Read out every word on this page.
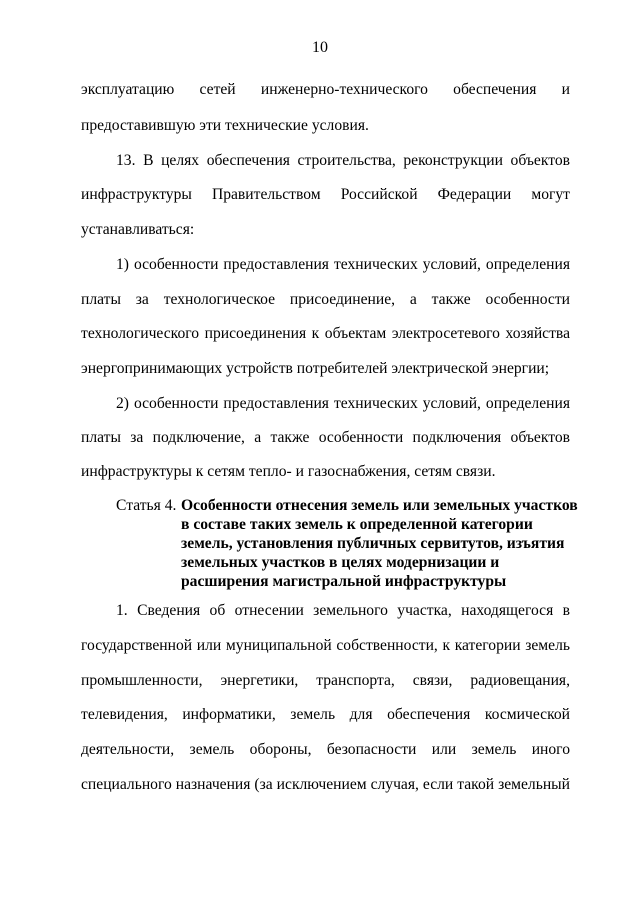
10
эксплуатацию сетей инженерно-технического обеспечения и
предоставившую эти технические условия.
13. В целях обеспечения строительства, реконструкции объектов
инфраструктуры Правительством Российской Федерации могут
устанавливаться:
1) особенности предоставления технических условий, определения
платы за технологическое присоединение, а также особенности
технологического присоединения к объектам электросетевого хозяйства
энергопринимающих устройств потребителей электрической энергии;
2) особенности предоставления технических условий, определения
платы за подключение, а также особенности подключения объектов
инфраструктуры к сетям тепло- и газоснабжения, сетям связи.
Статья 4. Особенности отнесения земель или земельных участков
в составе таких земель к определенной категории
земель, установления публичных сервитутов, изъятия
земельных участков в целях модернизации и
расширения магистральной инфраструктуры
1. Сведения об отнесении земельного участка, находящегося в
государственной или муниципальной собственности, к категории земель
промышленности, энергетики, транспорта, связи, радиовещания,
телевидения, информатики, земель для обеспечения космической
деятельности, земель обороны, безопасности или земель иного
специального назначения (за исключением случая, если такой земельный
